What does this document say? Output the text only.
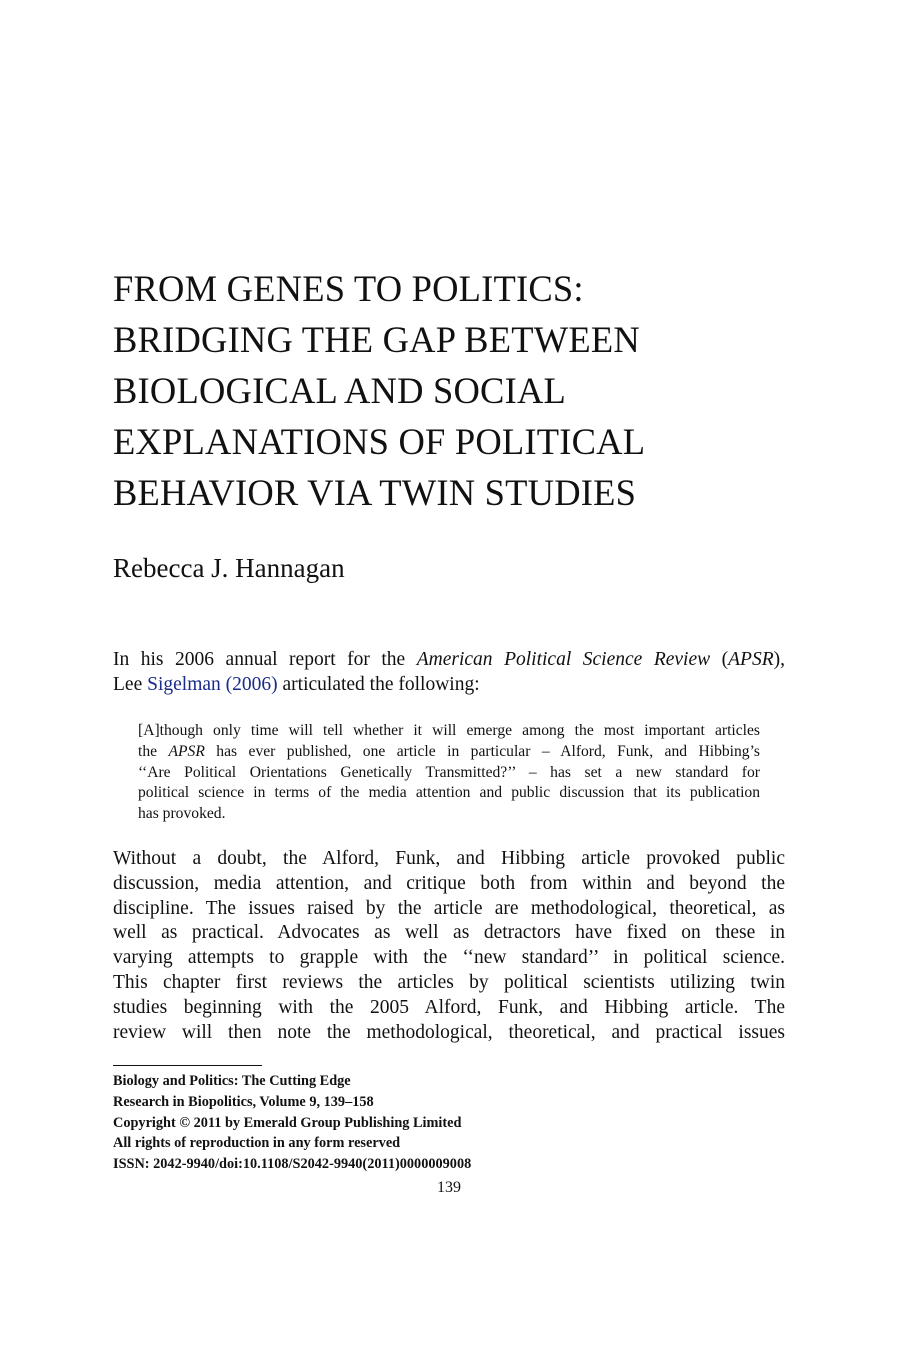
FROM GENES TO POLITICS:
BRIDGING THE GAP BETWEEN
BIOLOGICAL AND SOCIAL
EXPLANATIONS OF POLITICAL
BEHAVIOR VIA TWIN STUDIES
Rebecca J. Hannagan

In his 2006 annual report for the American Political Science Review (APSR),
Lee Sigelman (2006) articulated the following:

[A]though only time will tell whether it will emerge among the most important articles
the APSR has ever published, one article in particular – Alford, Funk, and Hibbing’s
‘‘Are Political Orientations Genetically Transmitted?’’ – has set a new standard for
political science in terms of the media attention and public discussion that its publication
has provoked.

Without a doubt, the Alford, Funk, and Hibbing article provoked public
discussion, media attention, and critique both from within and beyond the
discipline. The issues raised by the article are methodological, theoretical, as
well as practical. Advocates as well as detractors have fixed on these in
varying attempts to grapple with the ‘‘new standard’’ in political science.
This chapter first reviews the articles by political scientists utilizing twin
studies beginning with the 2005 Alford, Funk, and Hibbing article. The
review will then note the methodological, theoretical, and practical issues

Biology and Politics: The Cutting Edge
Research in Biopolitics, Volume 9, 139–158
Copyright © 2011 by Emerald Group Publishing Limited
All rights of reproduction in any form reserved
ISSN: 2042-9940/doi:10.1108/S2042-9940(2011)0000009008
139
